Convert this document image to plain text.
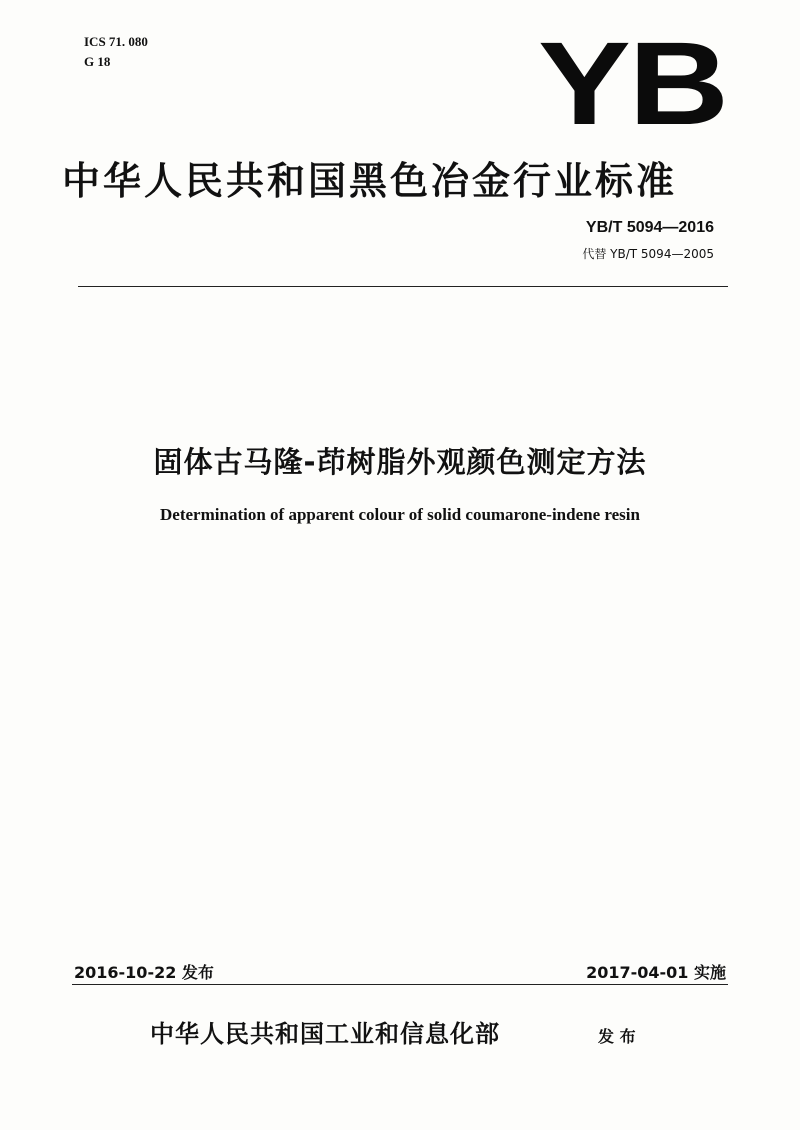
ICS 71. 080
G 18	YB
中华人民共和国黑色冶金行业标准
YB/T 5094—2016
代替 YB/T 5094—2005
固体古马隆-茚树脂外观颜色测定方法
Determination of apparent colour of solid coumarone-indene resin
2016-10-22 发布	2017-04-01 实施
中华人民共和国工业和信息化部	发 布
